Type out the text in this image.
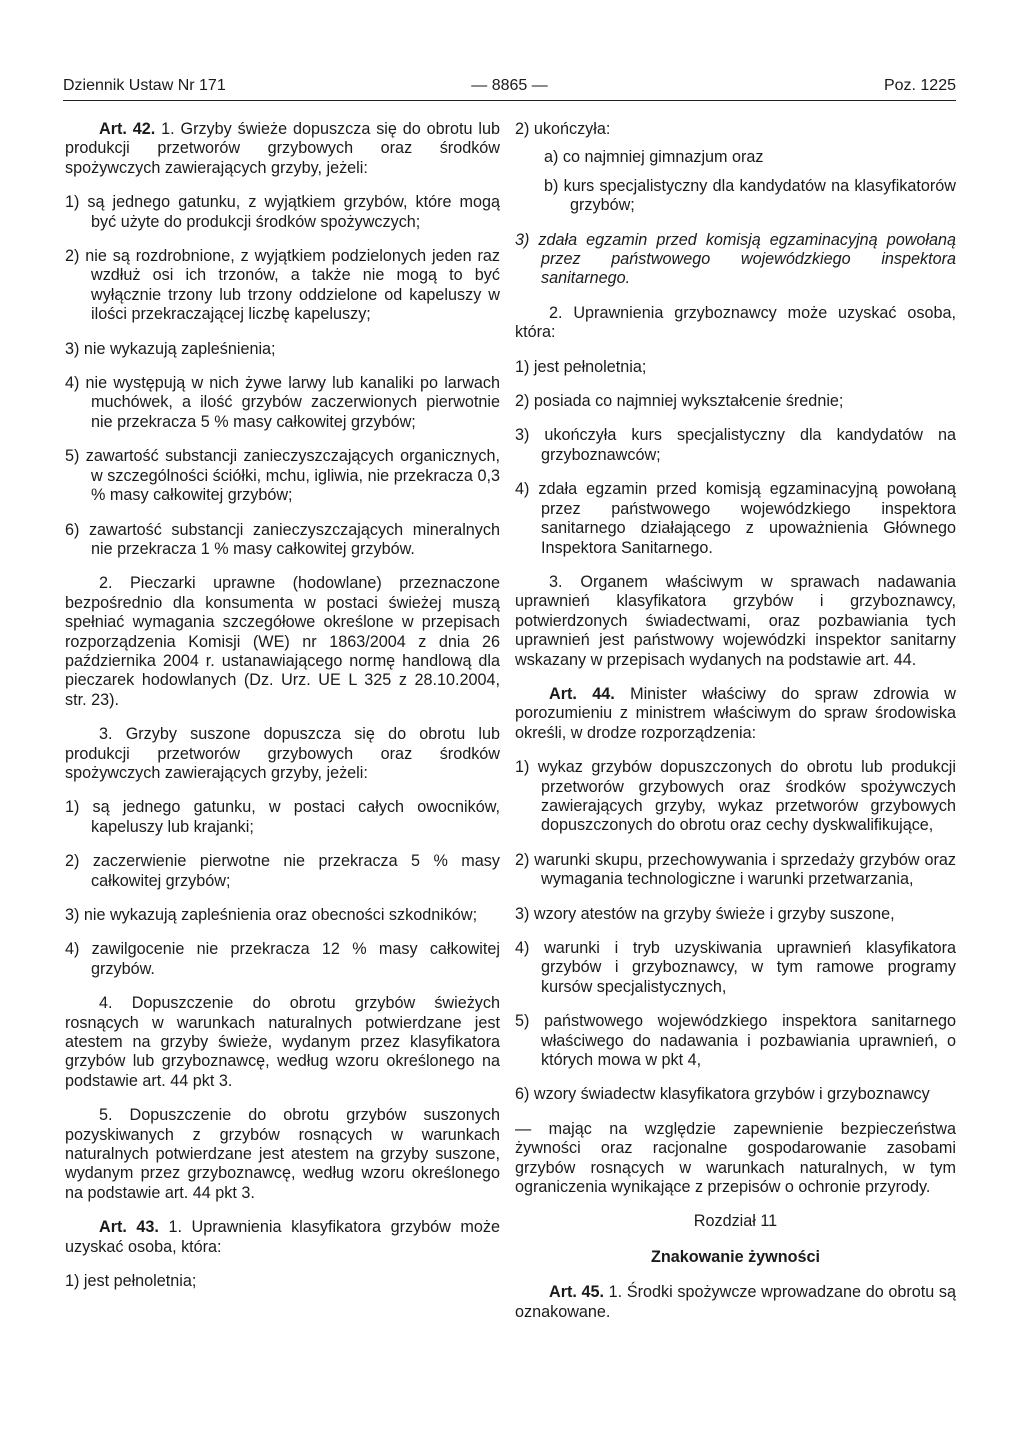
Dziennik Ustaw Nr 171	— 8865 —	Poz. 1225

Art. 42. 1. Grzyby świeże dopuszcza się do obrotu lub produkcji przetworów grzybowych oraz środków spożywczych zawierających grzyby, jeżeli:

1) są jednego gatunku, z wyjątkiem grzybów, które mogą być użyte do produkcji środków spożywczych;

2) nie są rozdrobnione, z wyjątkiem podzielonych jeden raz wzdłuż osi ich trzonów, a także nie mogą to być wyłącznie trzony lub trzony oddzielone od kapeluszy w ilości przekraczającej liczbę kapeluszy;

3) nie wykazują zapleśnienia;

4) nie występują w nich żywe larwy lub kanaliki po larwach muchówek, a ilość grzybów zaczerwionych pierwotnie nie przekracza 5 % masy całkowitej grzybów;

5) zawartość substancji zanieczyszczających organicznych, w szczególności ściółki, mchu, igliwia, nie przekracza 0,3 % masy całkowitej grzybów;

6) zawartość substancji zanieczyszczających mineralnych nie przekracza 1 % masy całkowitej grzybów.

2. Pieczarki uprawne (hodowlane) przeznaczone bezpośrednio dla konsumenta w postaci świeżej muszą spełniać wymagania szczegółowe określone w przepisach rozporządzenia Komisji (WE) nr 1863/2004 z dnia 26 października 2004 r. ustanawiającego normę handlową dla pieczarek hodowlanych (Dz. Urz. UE L 325 z 28.10.2004, str. 23).

3. Grzyby suszone dopuszcza się do obrotu lub produkcji przetworów grzybowych oraz środków spożywczych zawierających grzyby, jeżeli:

1) są jednego gatunku, w postaci całych owocników, kapeluszy lub krajanki;

2) zaczerwienie pierwotne nie przekracza 5 % masy całkowitej grzybów;

3) nie wykazują zapleśnienia oraz obecności szkodników;

4) zawilgocenie nie przekracza 12 % masy całkowitej grzybów.

4. Dopuszczenie do obrotu grzybów świeżych rosnących w warunkach naturalnych potwierdzane jest atestem na grzyby świeże, wydanym przez klasyfikatora grzybów lub grzyboznawcę, według wzoru określonego na podstawie art. 44 pkt 3.

5. Dopuszczenie do obrotu grzybów suszonych pozyskiwanych z grzybów rosnących w warunkach naturalnych potwierdzane jest atestem na grzyby suszone, wydanym przez grzyboznawcę, według wzoru określonego na podstawie art. 44 pkt 3.

Art. 43. 1. Uprawnienia klasyfikatora grzybów może uzyskać osoba, która:

1) jest pełnoletnia;

2) ukończyła:

a) co najmniej gimnazjum oraz

b) kurs specjalistyczny dla kandydatów na klasyfikatorów grzybów;

3) zdała egzamin przed komisją egzaminacyjną powołaną przez państwowego wojewódzkiego inspektora sanitarnego.

2. Uprawnienia grzyboznawcy może uzyskać osoba, która:

1) jest pełnoletnia;

2) posiada co najmniej wykształcenie średnie;

3) ukończyła kurs specjalistyczny dla kandydatów na grzyboznawców;

4) zdała egzamin przed komisją egzaminacyjną powołaną przez państwowego wojewódzkiego inspektora sanitarnego działającego z upoważnienia Głównego Inspektora Sanitarnego.

3. Organem właściwym w sprawach nadawania uprawnień klasyfikatora grzybów i grzyboznawcy, potwierdzonych świadectwami, oraz pozbawiania tych uprawnień jest państwowy wojewódzki inspektor sanitarny wskazany w przepisach wydanych na podstawie art. 44.

Art. 44. Minister właściwy do spraw zdrowia w porozumieniu z ministrem właściwym do spraw środowiska określi, w drodze rozporządzenia:

1) wykaz grzybów dopuszczonych do obrotu lub produkcji przetworów grzybowych oraz środków spożywczych zawierających grzyby, wykaz przetworów grzybowych dopuszczonych do obrotu oraz cechy dyskwalifikujące,

2) warunki skupu, przechowywania i sprzedaży grzybów oraz wymagania technologiczne i warunki przetwarzania,

3) wzory atestów na grzyby świeże i grzyby suszone,

4) warunki i tryb uzyskiwania uprawnień klasyfikatora grzybów i grzyboznawcy, w tym ramowe programy kursów specjalistycznych,

5) państwowego wojewódzkiego inspektora sanitarnego właściwego do nadawania i pozbawiania uprawnień, o których mowa w pkt 4,

6) wzory świadectw klasyfikatora grzybów i grzyboznawcy

— mając na względzie zapewnienie bezpieczeństwa żywności oraz racjonalne gospodarowanie zasobami grzybów rosnących w warunkach naturalnych, w tym ograniczenia wynikające z przepisów o ochronie przyrody.

Rozdział 11

Znakowanie żywności

Art. 45. 1. Środki spożywcze wprowadzane do obrotu są oznakowane.
